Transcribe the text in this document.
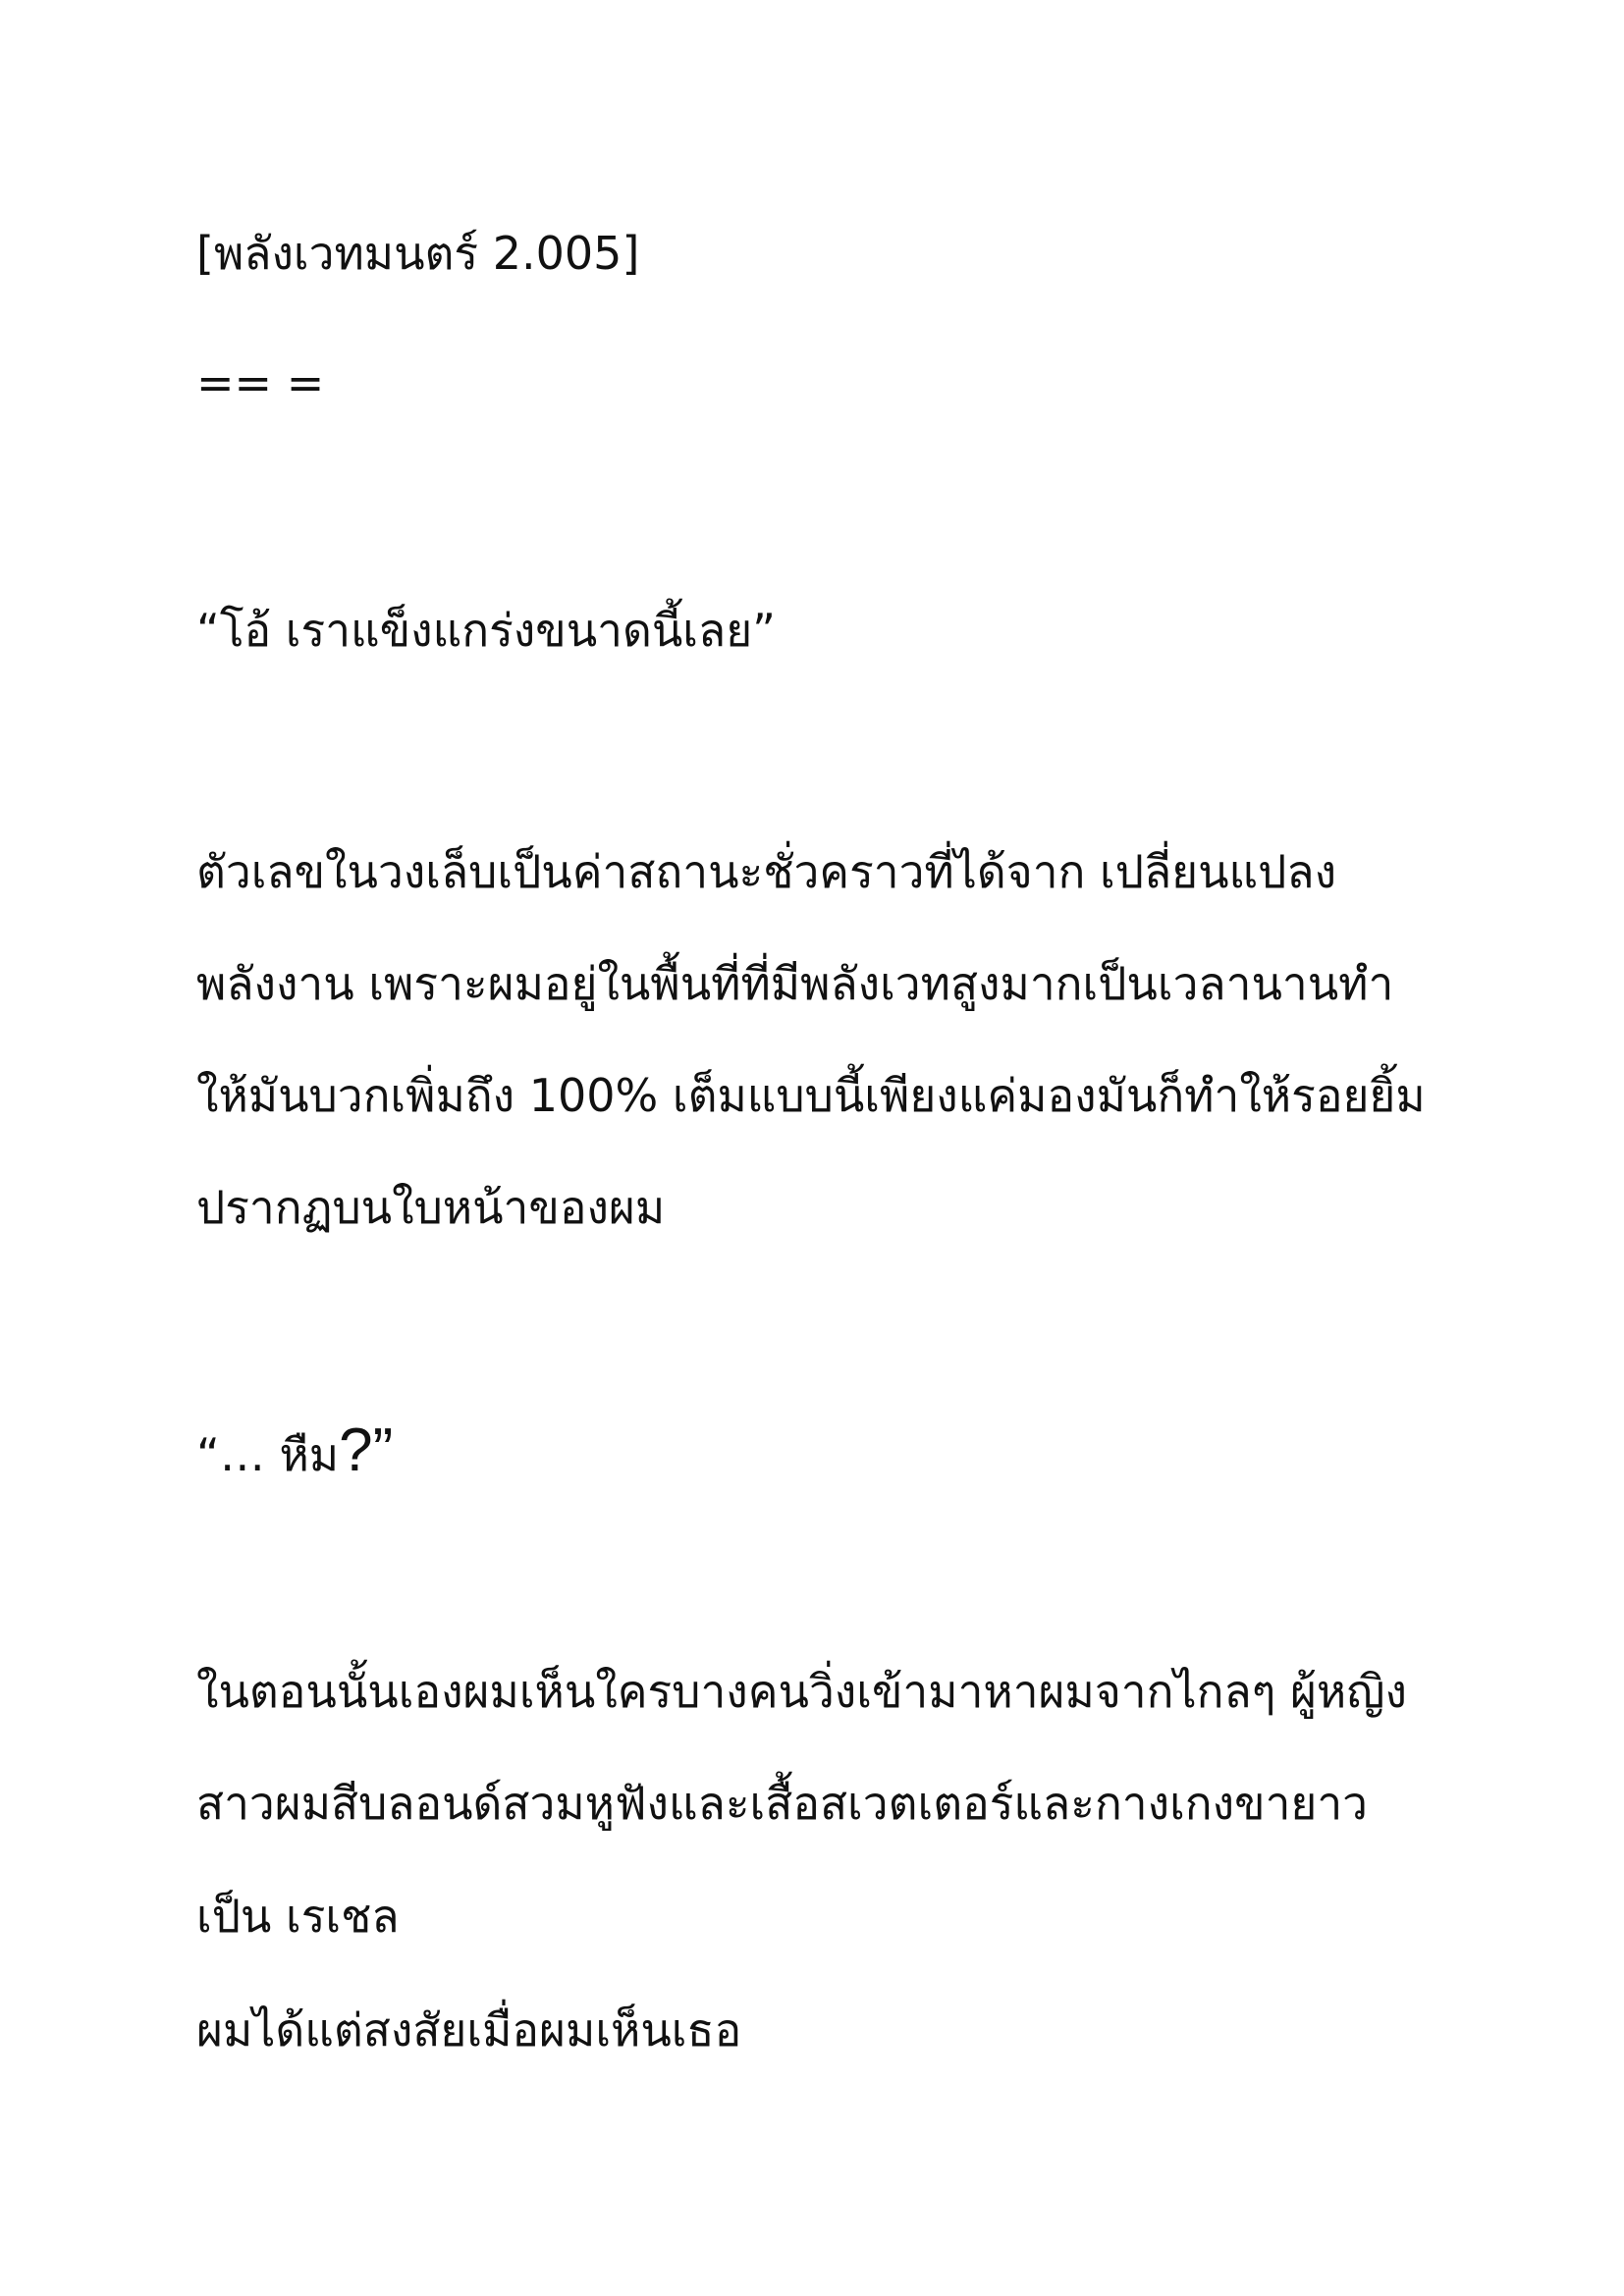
[พลังเวทมนตร์ 2.005]

== =

“โอ้ เราแข็งแกร่งขนาดนี้เลย”

ตัวเลขในวงเล็บเป็นค่าสถานะชั่วคราวที่ได้จาก เปลี่ยนแปลง

พลังงาน เพราะผมอยู่ในพื้นที่ที่มีพลังเวทสูงมากเป็นเวลานานทำ

ให้มันบวกเพิ่มถึง 100% เต็มแบบนี้เพียงแค่มองมันก็ทำให้รอยยิ้ม

ปรากฏบนใบหน้าของผม

“… หืม?”

ในตอนนั้นเองผมเห็นใครบางคนวิ่งเข้ามาหาผมจากไกลๆ ผู้หญิง

สาวผมสีบลอนด์สวมหูฟังและเสื้อสเวตเตอร์และกางเกงขายาว

เป็น เรเชล

ผมได้แต่สงสัยเมื่อผมเห็นเธอ
